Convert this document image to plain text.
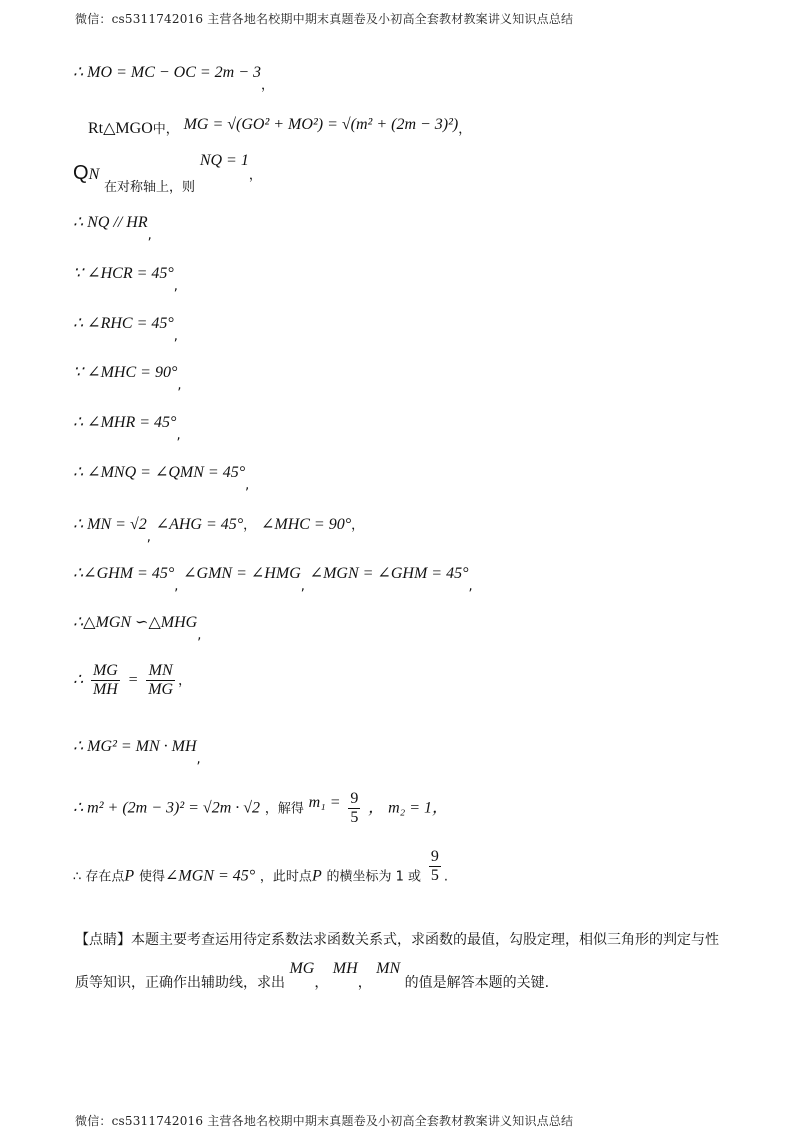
微信：cs5311742016 主营各地名校期中期末真题卷及小初高全套教材教案讲义知识点总结
∴ MO = MC − OC = 2m − 3，
Rt△MGO中， MG = √(GO² + MO²) = √(m² + (2m − 3)²)，
QN 在对称轴上，则 NQ = 1，
∴ NQ // HR,
∵ ∠HCR = 45°,
∴ ∠RHC = 45°,
∵ ∠MHC = 90°,
∴ ∠MHR = 45°,
∴ ∠MNQ = ∠QMN = 45°,
∴ MN = √2, ∠AHG = 45°， ∠MHC = 90°，
∴∠GHM = 45°, ∠GMN = ∠HMG, ∠MGN = ∠GHM = 45°,
∴△MGN ∽△MHG,
∴ $\frac{MG}{MH} = \frac{MN}{MG}$ ，
∴ MG² = MN · MH,
∴ m² + (2m − 3)² = √2m · √2 ，解得 $m_1 = \frac{9}{5}$ ， m₂ = 1，
∴ 存在点P 使得∠MGN = 45° ，此时点P 的横坐标为 1 或 $\frac{9}{5}$ .
【点睛】本题主要考查运用待定系数法求函数关系式，求函数的最值，勾股定理，相似三角形的判定与性
质等知识，正确作出辅助线，求出 MG， MH， MN 的值是解答本题的关键.
微信：cs5311742016 主营各地名校期中期末真题卷及小初高全套教材教案讲义知识点总结
